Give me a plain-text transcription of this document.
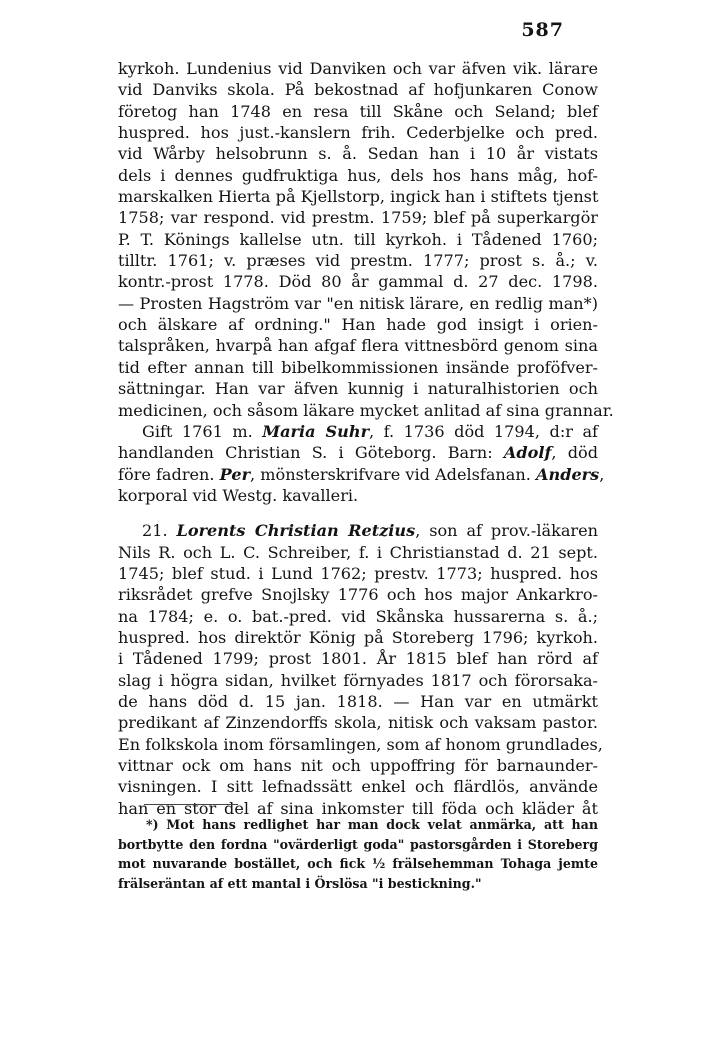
587
kyrkoh. Lundenius vid Danviken och var äfven vik. lärare
vid Danviks skola. På bekostnad af hofjunkaren Conow
företog han 1748 en resa till Skåne och Seland; blef
huspred. hos just.-kanslern frih. Cederbjelke och pred.
vid Wårby helsobrunn s. å. Sedan han i 10 år vistats
dels i dennes gudfruktiga hus, dels hos hans måg, hof-
marskalken Hierta på Kjellstorp, ingick han i stiftets tjenst
1758; var respond. vid prestm. 1759; blef på superkargör
P. T. Könings kallelse utn. till kyrkoh. i Tådened 1760;
tilltr. 1761; v. præses vid prestm. 1777; prost s. å.; v.
kontr.-prost 1778. Död 80 år gammal d. 27 dec. 1798.
— Prosten Hagström var "en nitisk lärare, en redlig man*)
och älskare af ordning." Han hade god insigt i orien-
talspråken, hvarpå han afgaf flera vittnesbörd genom sina
tid efter annan till bibelkommissionen insände proföfver-
sättningar. Han var äfven kunnig i naturalhistorien och
medicinen, och såsom läkare mycket anlitad af sina grannar.
Gift 1761 m. Maria Suhr, f. 1736 död 1794, d:r af
handlanden Christian S. i Göteborg. Barn: Adolf, död
före fadren. Per, mönsterskrifvare vid Adelsfanan. Anders,
korporal vid Westg. kavalleri.
21. Lorents Christian Retzius, son af prov.-läkaren
Nils R. och L. C. Schreiber, f. i Christianstad d. 21 sept.
1745; blef stud. i Lund 1762; prestv. 1773; huspred. hos
riksrådet grefve Snojlsky 1776 och hos major Ankarkro-
na 1784; e. o. bat.-pred. vid Skånska hussarerna s. å.;
huspred. hos direktör König på Storeberg 1796; kyrkoh.
i Tådened 1799; prost 1801. År 1815 blef han rörd af
slag i högra sidan, hvilket förnyades 1817 och förorsaka-
de hans död d. 15 jan. 1818. — Han var en utmärkt
predikant af Zinzendorffs skola, nitisk och vaksam pastor.
En folkskola inom församlingen, som af honom grundlades,
vittnar ock om hans nit och uppoffring för barnaunder-
visningen. I sitt lefnadssätt enkel och flärdlös, använde
han en stor del af sina inkomster till föda och kläder åt
*) Mot hans redlighet har man dock velat anmärka, att han
bortbytte den fordna "ovärderligt goda" pastorsgården i Storeberg
mot nuvarande bostället, och fick ½ frälsehemman Tohaga jemte
frälseräntan af ett mantal i Örslösa "i bestickning."
